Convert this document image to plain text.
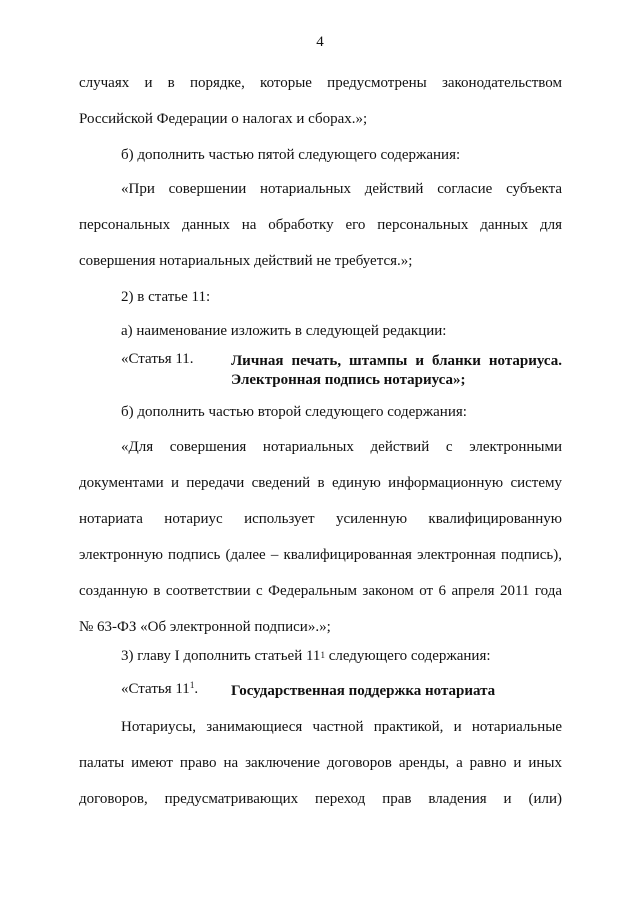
4
случаях и в порядке, которые предусмотрены законодательством
Российской Федерации о налогах и сборах.»;
б) дополнить частью пятой следующего содержания:
«При совершении нотариальных действий согласие субъекта
персональных данных на обработку его персональных данных для
совершения нотариальных действий не требуется.»;
2) в статье 11:
а) наименование изложить в следующей редакции:
«Статья 11. Личная печать, штампы и бланки нотариуса.
Электронная подпись нотариуса»;
б) дополнить частью второй следующего содержания:
«Для совершения нотариальных действий с электронными
документами и передачи сведений в единую информационную систему
нотариата нотариус использует усиленную квалифицированную
электронную подпись (далее – квалифицированная электронная подпись),
созданную в соответствии с Федеральным законом от 6 апреля 2011 года
№ 63-ФЗ «Об электронной подписи».»;
3) главу I дополнить статьей $11^1$ следующего содержания:
«Статья $11^1$. Государственная поддержка нотариата
Нотариусы, занимающиеся частной практикой, и нотариальные
палаты имеют право на заключение договоров аренды, а равно и иных
договоров, предусматривающих переход прав владения и (или)
